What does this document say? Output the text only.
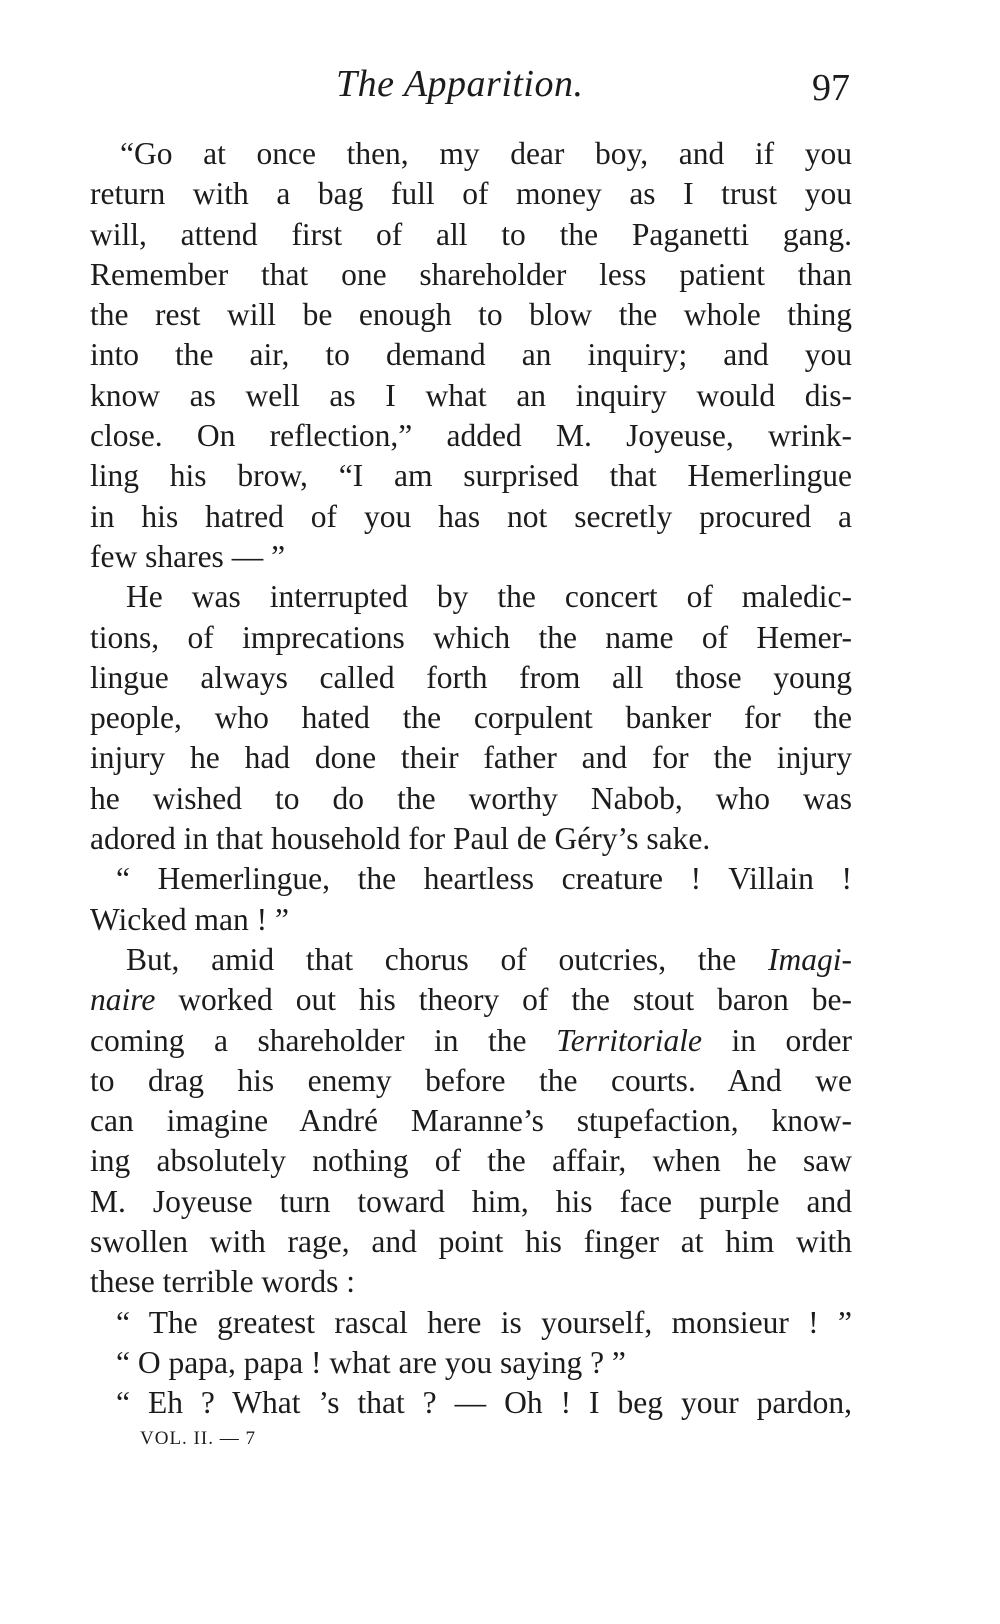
The Apparition.	97
“Go at once then, my dear boy, and if you
return with a bag full of money as I trust you
will, attend first of all to the Paganetti gang.
Remember that one shareholder less patient than
the rest will be enough to blow the whole thing
into the air, to demand an inquiry; and you
know as well as I what an inquiry would dis-
close. On reflection,” added M. Joyeuse, wrink-
ling his brow, “I am surprised that Hemerlingue
in his hatred of you has not secretly procured a
few shares — ”
He was interrupted by the concert of maledic-
tions, of imprecations which the name of Hemer-
lingue always called forth from all those young
people, who hated the corpulent banker for the
injury he had done their father and for the injury
he wished to do the worthy Nabob, who was
adored in that household for Paul de Géry’s sake.
“ Hemerlingue, the heartless creature ! Villain !
Wicked man ! ”
But, amid that chorus of outcries, the Imagi-
naire worked out his theory of the stout baron be-
coming a shareholder in the Territoriale in order
to drag his enemy before the courts. And we
can imagine André Maranne’s stupefaction, know-
ing absolutely nothing of the affair, when he saw
M. Joyeuse turn toward him, his face purple and
swollen with rage, and point his finger at him with
these terrible words :
“ The greatest rascal here is yourself, monsieur ! ”
“ O papa, papa ! what are you saying ? ”
“ Eh ? What ’s that ? — Oh ! I beg your pardon,
VOL. II. — 7
